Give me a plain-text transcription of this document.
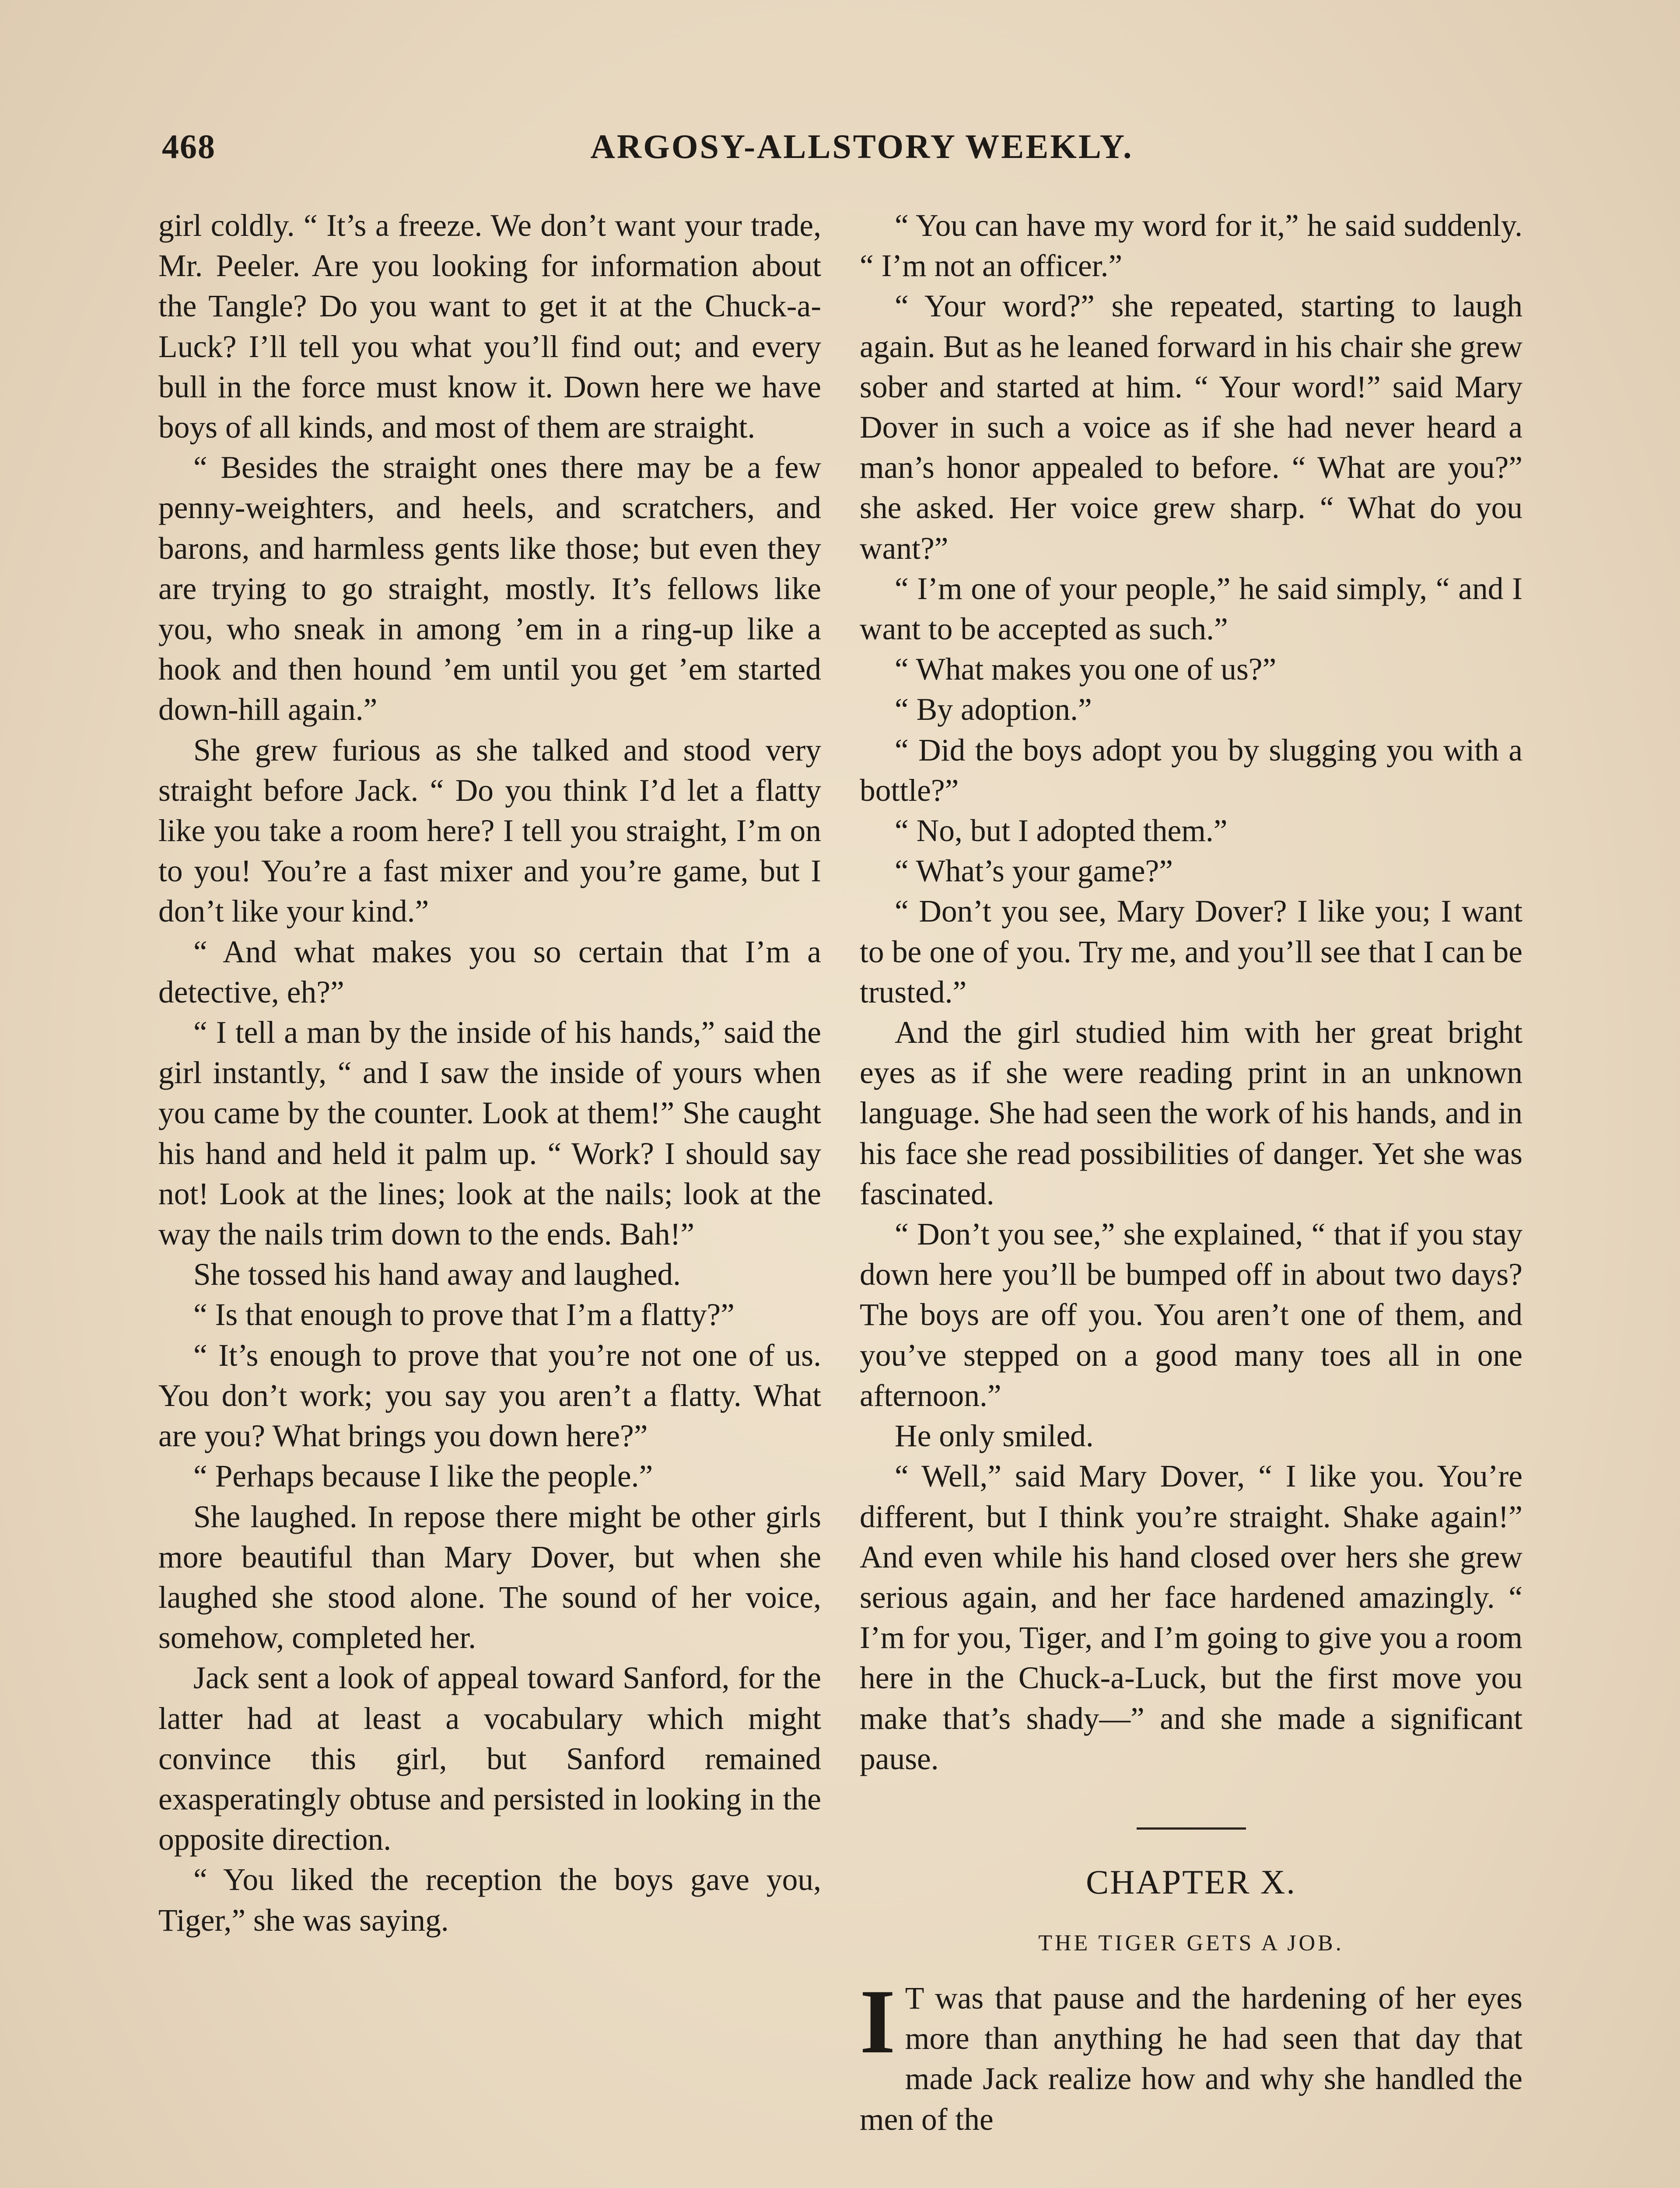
468	ARGOSY-ALLSTORY WEEKLY.

girl coldly. “ It’s a freeze. We don’t want your trade, Mr. Peeler. Are you looking for information about the Tangle? Do you want to get it at the Chuck-a-Luck? I’ll tell you what you’ll find out; and every bull in the force must know it. Down here we have boys of all kinds, and most of them are straight.

“ Besides the straight ones there may be a few penny-weighters, and heels, and scratchers, and barons, and harmless gents like those; but even they are trying to go straight, mostly. It’s fellows like you, who sneak in among ’em in a ring-up like a hook and then hound ’em until you get ’em started down-hill again.”

She grew furious as she talked and stood very straight before Jack. “ Do you think I’d let a flatty like you take a room here? I tell you straight, I’m on to you! You’re a fast mixer and you’re game, but I don’t like your kind.”

“ And what makes you so certain that I’m a detective, eh?”

“ I tell a man by the inside of his hands,” said the girl instantly, “ and I saw the inside of yours when you came by the counter. Look at them!” She caught his hand and held it palm up. “ Work? I should say not! Look at the lines; look at the nails; look at the way the nails trim down to the ends. Bah!”

She tossed his hand away and laughed.

“ Is that enough to prove that I’m a flatty?”

“ It’s enough to prove that you’re not one of us. You don’t work; you say you aren’t a flatty. What are you? What brings you down here?”

“ Perhaps because I like the people.”

She laughed. In repose there might be other girls more beautiful than Mary Dover, but when she laughed she stood alone. The sound of her voice, somehow, completed her.

Jack sent a look of appeal toward Sanford, for the latter had at least a vocabulary which might convince this girl, but Sanford remained exasperatingly obtuse and persisted in looking in the opposite direction.

“ You liked the reception the boys gave you, Tiger,” she was saying.

“ You can have my word for it,” he said suddenly. “ I’m not an officer.”

“ Your word?” she repeated, starting to laugh again. But as he leaned forward in his chair she grew sober and started at him. “ Your word!” said Mary Dover in such a voice as if she had never heard a man’s honor appealed to before. “ What are you?” she asked. Her voice grew sharp. “ What do you want?”

“ I’m one of your people,” he said simply, “ and I want to be accepted as such.”

“ What makes you one of us?”

“ By adoption.”

“ Did the boys adopt you by slugging you with a bottle?”

“ No, but I adopted them.”

“ What’s your game?”

“ Don’t you see, Mary Dover? I like you; I want to be one of you. Try me, and you’ll see that I can be trusted.”

And the girl studied him with her great bright eyes as if she were reading print in an unknown language. She had seen the work of his hands, and in his face she read possibilities of danger. Yet she was fascinated.

“ Don’t you see,” she explained, “ that if you stay down here you’ll be bumped off in about two days? The boys are off you. You aren’t one of them, and you’ve stepped on a good many toes all in one afternoon.”

He only smiled.

“ Well,” said Mary Dover, “ I like you. You’re different, but I think you’re straight. Shake again!” And even while his hand closed over hers she grew serious again, and her face hardened amazingly. “ I’m for you, Tiger, and I’m going to give you a room here in the Chuck-a-Luck, but the first move you make that’s shady—” and she made a significant pause.

CHAPTER X.
THE TIGER GETS A JOB.

I T was that pause and the hardening of her eyes more than anything he had seen that day that made Jack realize how and why she handled the men of the
